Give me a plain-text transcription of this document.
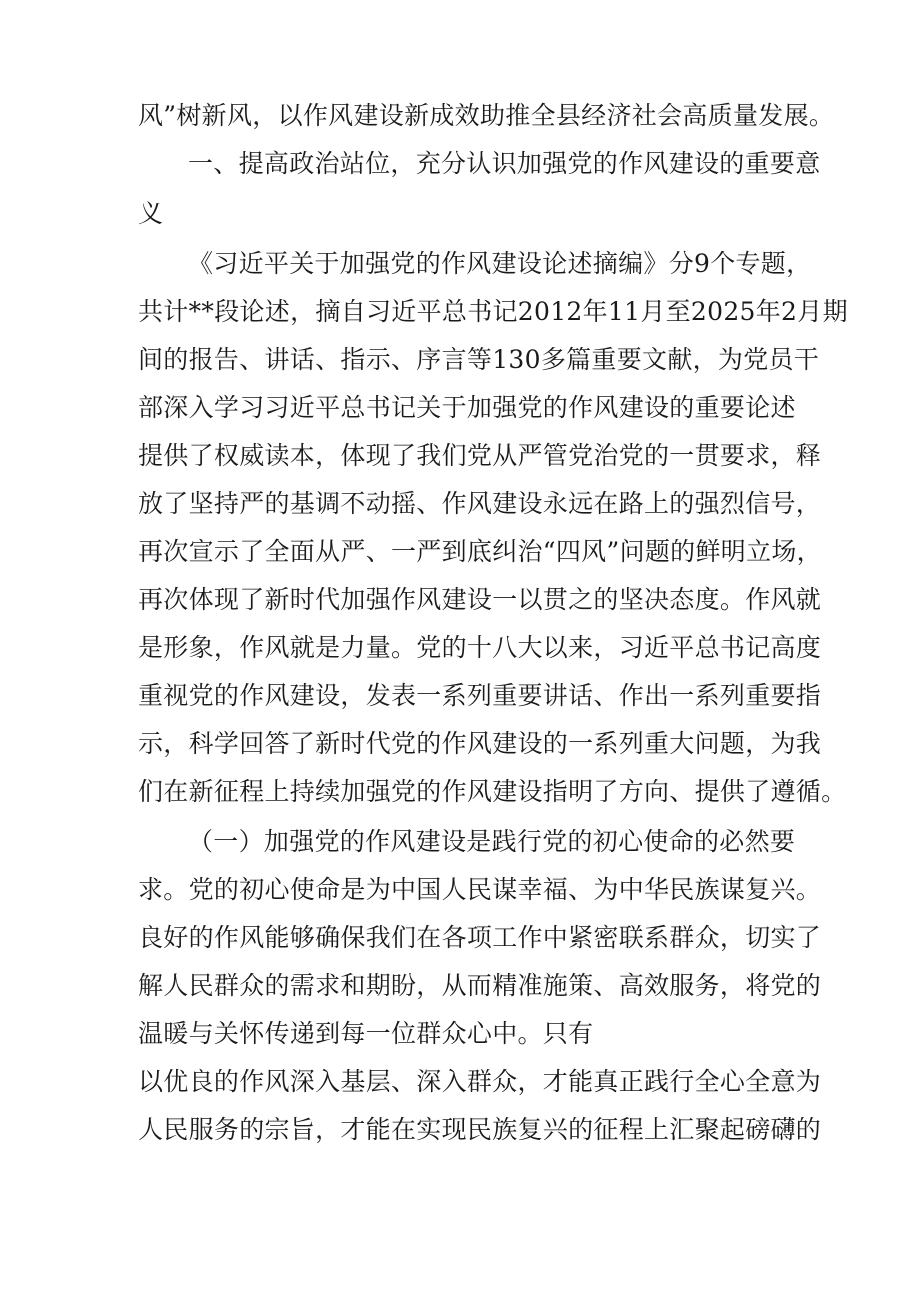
风”树新风，以作风建设新成效助推全县经济社会高质量发展。

一、提高政治站位，充分认识加强党的作风建设的重要意

义

《习近平关于加强党的作风建设论述摘编》分9个专题，

共计**段论述，摘自习近平总书记2012年11月至2025年2月期

间的报告、讲话、指示、序言等130多篇重要文献，为党员干

部深入学习习近平总书记关于加强党的作风建设的重要论述

提供了权威读本，体现了我们党从严管党治党的一贯要求，释

放了坚持严的基调不动摇、作风建设永远在路上的强烈信号，

再次宣示了全面从严、一严到底纠治“四风”问题的鲜明立场，

再次体现了新时代加强作风建设一以贯之的坚决态度。作风就

是形象，作风就是力量。党的十八大以来，习近平总书记高度

重视党的作风建设，发表一系列重要讲话、作出一系列重要指

示，科学回答了新时代党的作风建设的一系列重大问题，为我

们在新征程上持续加强党的作风建设指明了方向、提供了遵循。

（一）加强党的作风建设是践行党的初心使命的必然要

求。党的初心使命是为中国人民谋幸福、为中华民族谋复兴。

良好的作风能够确保我们在各项工作中紧密联系群众，切实了

解人民群众的需求和期盼，从而精准施策、高效服务，将党的

温暖与关怀传递到每一位群众心中。只有

以优良的作风深入基层、深入群众，才能真正践行全心全意为

人民服务的宗旨，才能在实现民族复兴的征程上汇聚起磅礴的
